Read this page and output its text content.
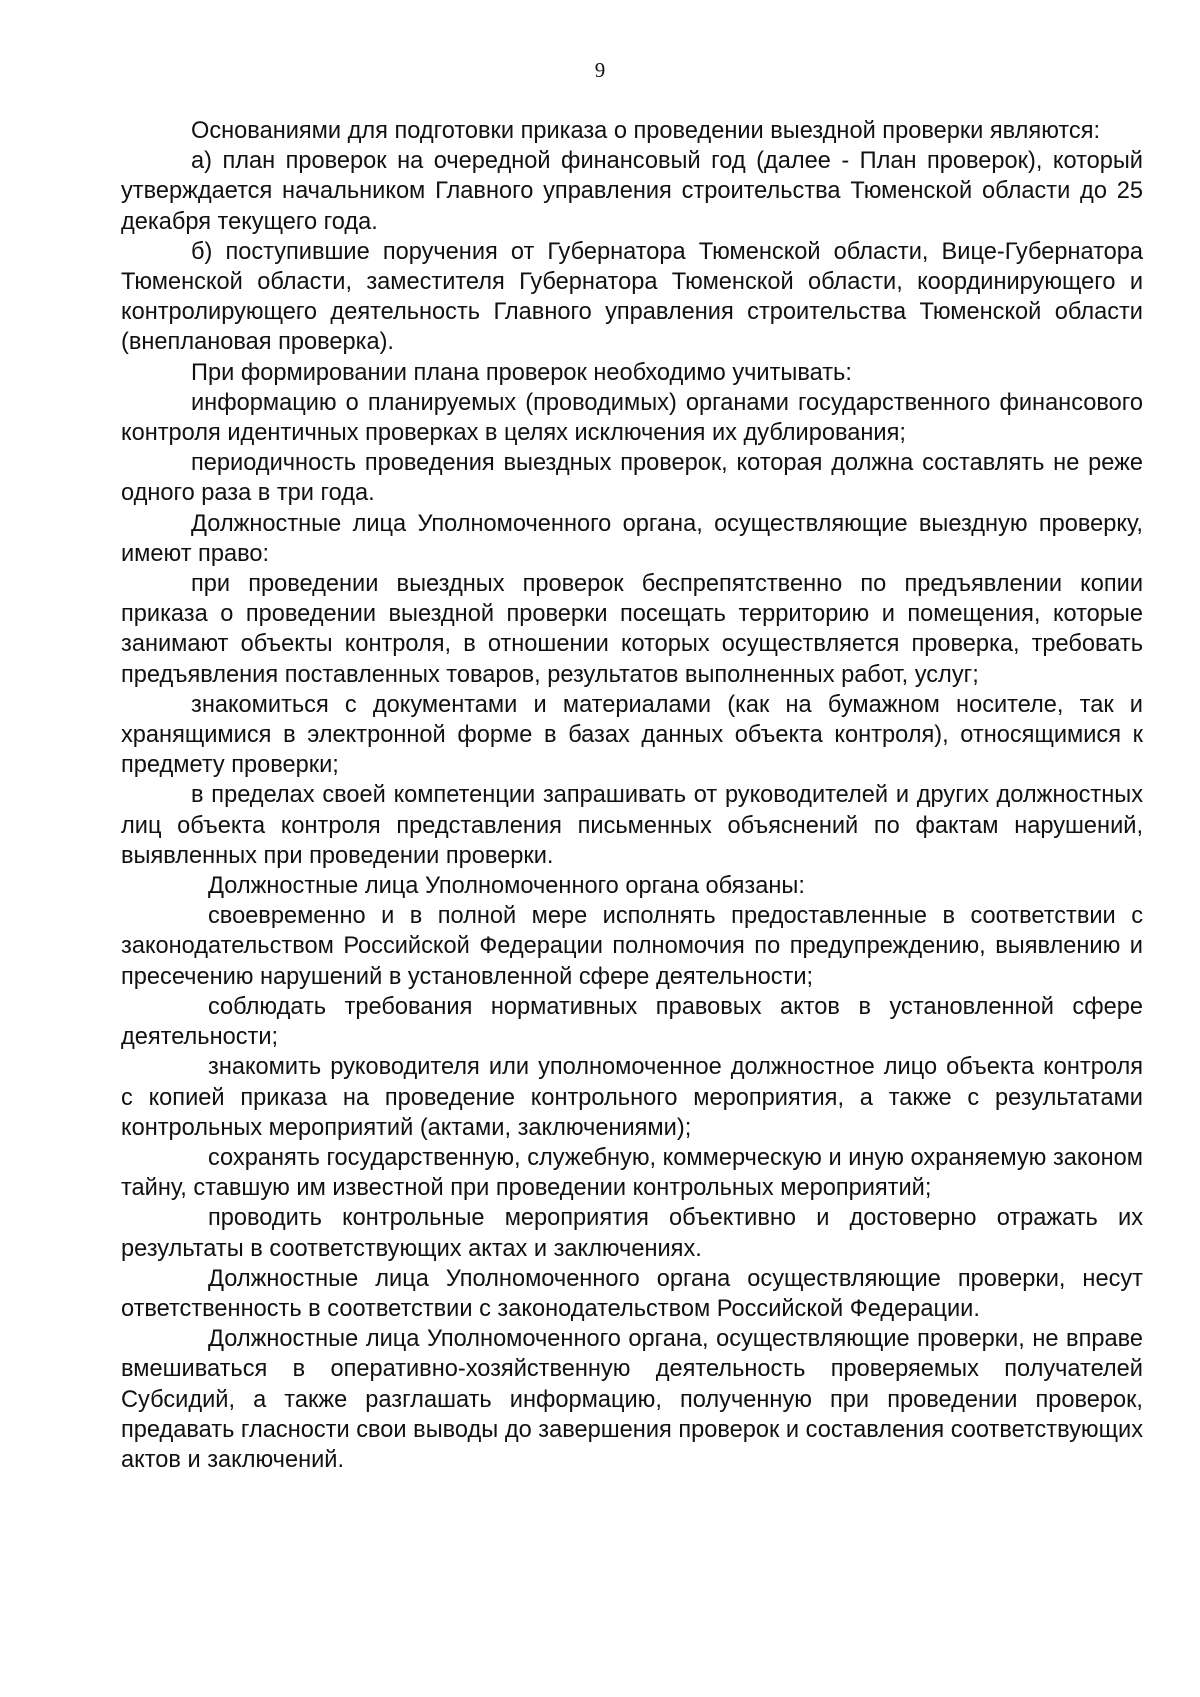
9

Основаниями для подготовки приказа о проведении выездной проверки являются:

а) план проверок на очередной финансовый год (далее - План проверок), который утверждается начальником Главного управления строительства Тюменской области до 25 декабря текущего года.

б) поступившие поручения от Губернатора Тюменской области, Вице-Губернатора Тюменской области, заместителя Губернатора Тюменской области, координирующего и контролирующего деятельность Главного управления строительства Тюменской области (внеплановая проверка).

При формировании плана проверок необходимо учитывать:

информацию о планируемых (проводимых) органами государственного финансового контроля идентичных проверках в целях исключения их дублирования;

периодичность проведения выездных проверок, которая должна составлять не реже одного раза в три года.

Должностные лица Уполномоченного органа, осуществляющие выездную проверку, имеют право:

при проведении выездных проверок беспрепятственно по предъявлении копии приказа о проведении выездной проверки посещать территорию и помещения, которые занимают объекты контроля, в отношении которых осуществляется проверка, требовать предъявления поставленных товаров, результатов выполненных работ, услуг;

знакомиться с документами и материалами (как на бумажном носителе, так и хранящимися в электронной форме в базах данных объекта контроля), относящимися к предмету проверки;

в пределах своей компетенции запрашивать от руководителей и других должностных лиц объекта контроля представления письменных объяснений по фактам нарушений, выявленных при проведении проверки.

Должностные лица Уполномоченного органа обязаны:

своевременно и в полной мере исполнять предоставленные в соответствии с законодательством Российской Федерации полномочия по предупреждению, выявлению и пресечению нарушений в установленной сфере деятельности;

соблюдать требования нормативных правовых актов в установленной сфере деятельности;

знакомить руководителя или уполномоченное должностное лицо объекта контроля с копией приказа на проведение контрольного мероприятия, а также с результатами контрольных мероприятий (актами, заключениями);

сохранять государственную, служебную, коммерческую и иную охраняемую законом тайну, ставшую им известной при проведении контрольных мероприятий;

проводить контрольные мероприятия объективно и достоверно отражать их результаты в соответствующих актах и заключениях.

Должностные лица Уполномоченного органа осуществляющие проверки, несут ответственность в соответствии с законодательством Российской Федерации.

Должностные лица Уполномоченного органа, осуществляющие проверки, не вправе вмешиваться в оперативно-хозяйственную деятельность проверяемых получателей Субсидий, а также разглашать информацию, полученную при проведении проверок, предавать гласности свои выводы до завершения проверок и составления соответствующих актов и заключений.
